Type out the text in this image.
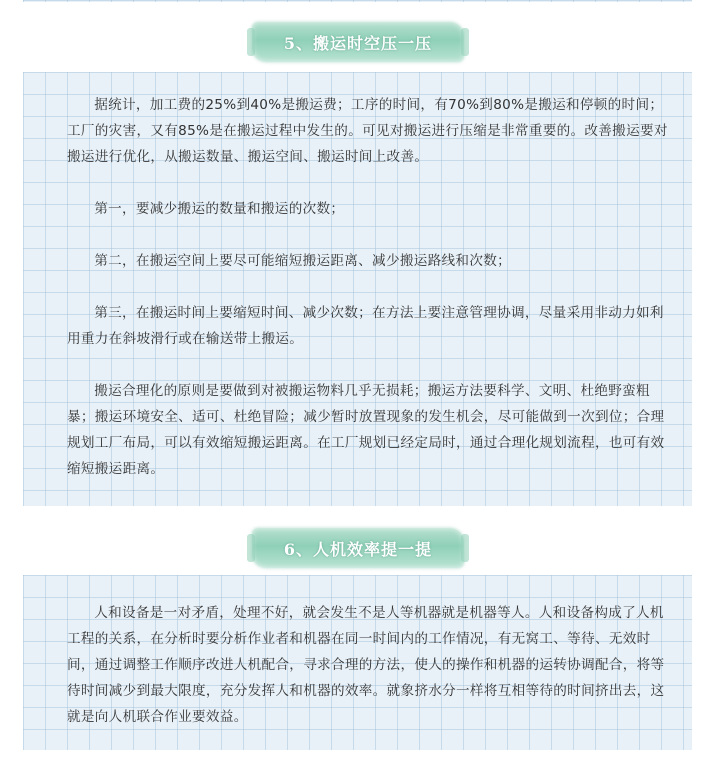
5、搬运时空压一压

据统计，加工费的25%到40%是搬运费；工序的时间，有70%到80%是搬运和停顿的时间；工厂的灾害，又有85%是在搬运过程中发生的。可见对搬运进行压缩是非常重要的。改善搬运要对搬运进行优化，从搬运数量、搬运空间、搬运时间上改善。

第一，要减少搬运的数量和搬运的次数；

第二，在搬运空间上要尽可能缩短搬运距离、减少搬运路线和次数；

第三，在搬运时间上要缩短时间、减少次数；在方法上要注意管理协调，尽量采用非动力如利用重力在斜坡滑行或在输送带上搬运。

搬运合理化的原则是要做到对被搬运物料几乎无损耗；搬运方法要科学、文明、杜绝野蛮粗暴；搬运环境安全、适可、杜绝冒险；减少暂时放置现象的发生机会，尽可能做到一次到位；合理规划工厂布局，可以有效缩短搬运距离。在工厂规划已经定局时，通过合理化规划流程，也可有效缩短搬运距离。

6、人机效率提一提

人和设备是一对矛盾，处理不好，就会发生不是人等机器就是机器等人。人和设备构成了人机工程的关系，在分析时要分析作业者和机器在同一时间内的工作情况，有无窝工、等待、无效时间，通过调整工作顺序改进人机配合，寻求合理的方法，使人的操作和机器的运转协调配合，将等待时间减少到最大限度，充分发挥人和机器的效率。就象挤水分一样将互相等待的时间挤出去，这就是向人机联合作业要效益。
